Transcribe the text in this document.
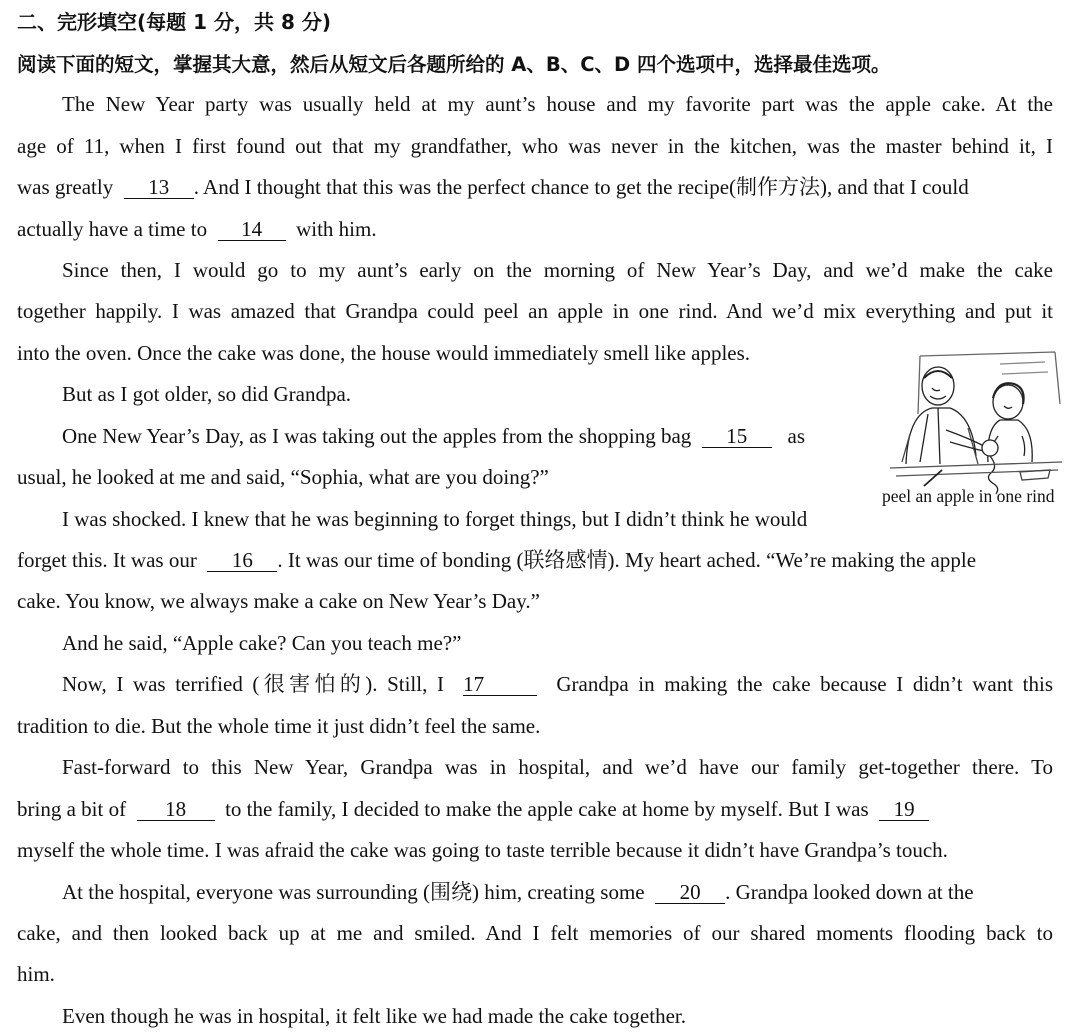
二、完形填空(每题 1 分，共 8 分)
阅读下面的短文，掌握其大意，然后从短文后各题所给的 A、B、C、D 四个选项中，选择最佳选项。
The New Year party was usually held at my aunt’s house and my favorite part was the apple cake. At the
age of 11, when I first found out that my grandfather, who was never in the kitchen, was the master behind it, I
was greatly 13 . And I thought that this was the perfect chance to get the recipe(制作方法), and that I could
actually have a time to 14 with him.
Since then, I would go to my aunt’s early on the morning of New Year’s Day, and we’d make the cake
together happily. I was amazed that Grandpa could peel an apple in one rind. And we’d mix everything and put it
into the oven. Once the cake was done, the house would immediately smell like apples.
But as I got older, so did Grandpa.
One New Year’s Day, as I was taking out the apples from the shopping bag 15 as
usual, he looked at me and said, “Sophia, what are you doing?”
I was shocked. I knew that he was beginning to forget things, but I didn’t think he would
forget this. It was our 16 . It was our time of bonding (联络感情). My heart ached. “We’re making the apple
cake. You know, we always make a cake on New Year’s Day.”
And he said, “Apple cake? Can you teach me?”
Now, I was terrified (很害怕的). Still, I 17	Grandpa in making the cake because I didn’t want this
tradition to die. But the whole time it just didn’t feel the same.
Fast-forward to this New Year, Grandpa was in hospital, and we’d have our family get-together there. To
bring a bit of 18 to the family, I decided to make the apple cake at home by myself. But I was 19
myself the whole time. I was afraid the cake was going to taste terrible because it didn’t have Grandpa’s touch.
At the hospital, everyone was surrounding (围绕) him, creating some 20 . Grandpa looked down at the
cake, and then looked back up at me and smiled. And I felt memories of our shared moments flooding back to
him.
Even though he was in hospital, it felt like we had made the cake together.
peel an apple in one rind
